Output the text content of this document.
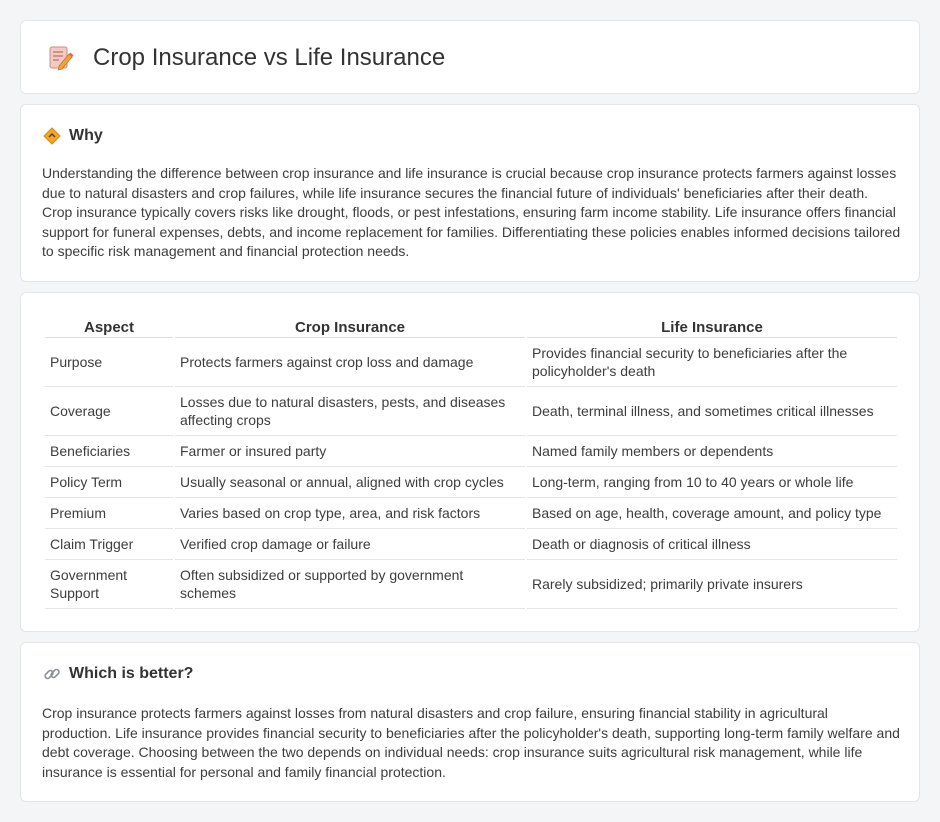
Crop Insurance vs Life Insurance
Why

Understanding the difference between crop insurance and life insurance is crucial because crop insurance protects farmers against losses due to natural disasters and crop failures, while life insurance secures the financial future of individuals' beneficiaries after their death. Crop insurance typically covers risks like drought, floods, or pest infestations, ensuring farm income stability. Life insurance offers financial support for funeral expenses, debts, and income replacement for families. Differentiating these policies enables informed decisions tailored to specific risk management and financial protection needs.

Aspect	Crop Insurance	Life Insurance
Purpose	Protects farmers against crop loss and damage	Provides financial security to beneficiaries after the policyholder's death
Coverage	Losses due to natural disasters, pests, and diseases affecting crops	Death, terminal illness, and sometimes critical illnesses
Beneficiaries	Farmer or insured party	Named family members or dependents
Policy Term	Usually seasonal or annual, aligned with crop cycles	Long-term, ranging from 10 to 40 years or whole life
Premium	Varies based on crop type, area, and risk factors	Based on age, health, coverage amount, and policy type
Claim Trigger	Verified crop damage or failure	Death or diagnosis of critical illness
Government Support	Often subsidized or supported by government schemes	Rarely subsidized; primarily private insurers
Which is better?

Crop insurance protects farmers against losses from natural disasters and crop failure, ensuring financial stability in agricultural production. Life insurance provides financial security to beneficiaries after the policyholder's death, supporting long-term family welfare and debt coverage. Choosing between the two depends on individual needs: crop insurance suits agricultural risk management, while life insurance is essential for personal and family financial protection.
